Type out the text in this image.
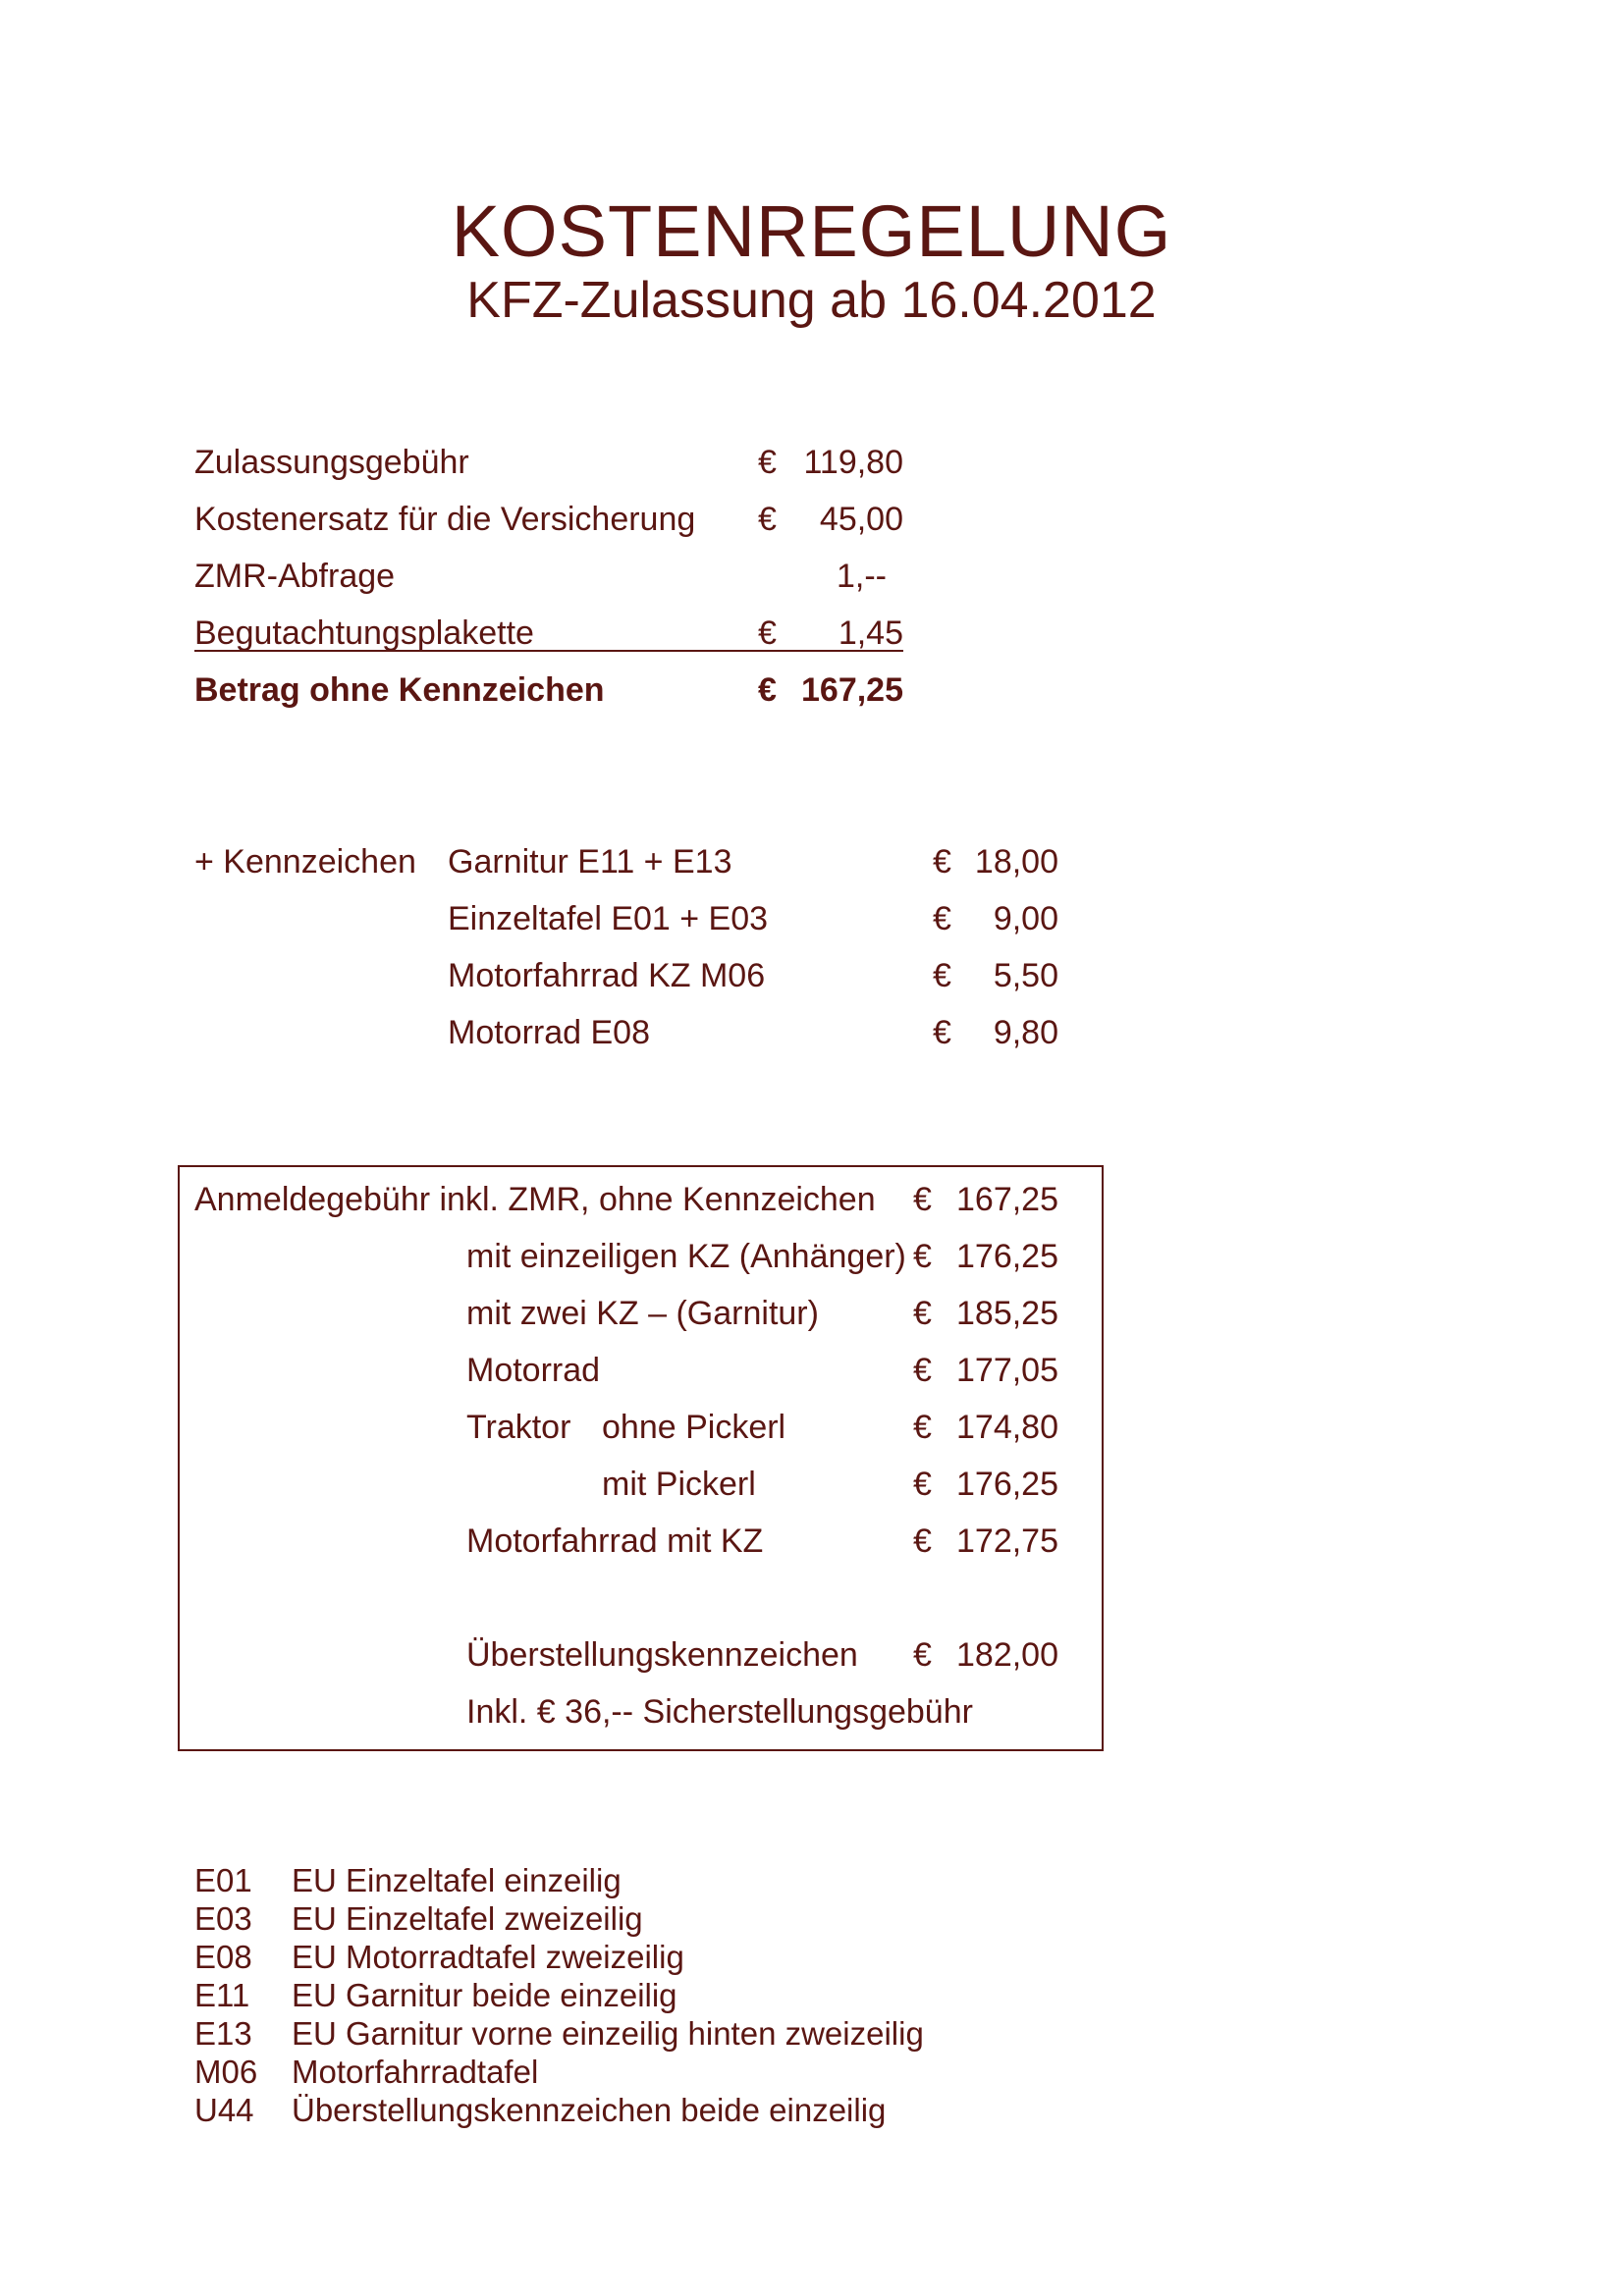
KOSTENREGELUNG
KFZ-Zulassung ab 16.04.2012
Zulassungsgebühr	€ 119,80
Kostenersatz für die Versicherung €	45,00
ZMR-Abfrage	1,--
Begutachtungsplakette	€	1,45
Betrag ohne Kennzeichen	€ 167,25
+ Kennzeichen Garnitur E11 + E13	€ 18,00
Einzeltafel E01 + E03	€	9,00
Motorfahrrad KZ M06	€	5,50
Motorrad E08	€	9,80
Anmeldegebühr inkl. ZMR, ohne Kennzeichen € 167,25
mit einzeiligen KZ (Anhänger) € 176,25
mit zwei KZ – (Garnitur)	€ 185,25
Motorrad	€ 177,05
Traktor ohne Pickerl	€ 174,80
mit Pickerl	€ 176,25
Motorfahrrad mit KZ	€ 172,75
Überstellungskennzeichen € 182,00
Inkl. € 36,-- Sicherstellungsgebühr
E01 EU Einzeltafel einzeilig
E03 EU Einzeltafel zweizeilig
E08 EU Motorradtafel zweizeilig
E11 EU Garnitur beide einzeilig
E13 EU Garnitur vorne einzeilig hinten zweizeilig
M06 Motorfahrradtafel
U44 Überstellungskennzeichen beide einzeilig
